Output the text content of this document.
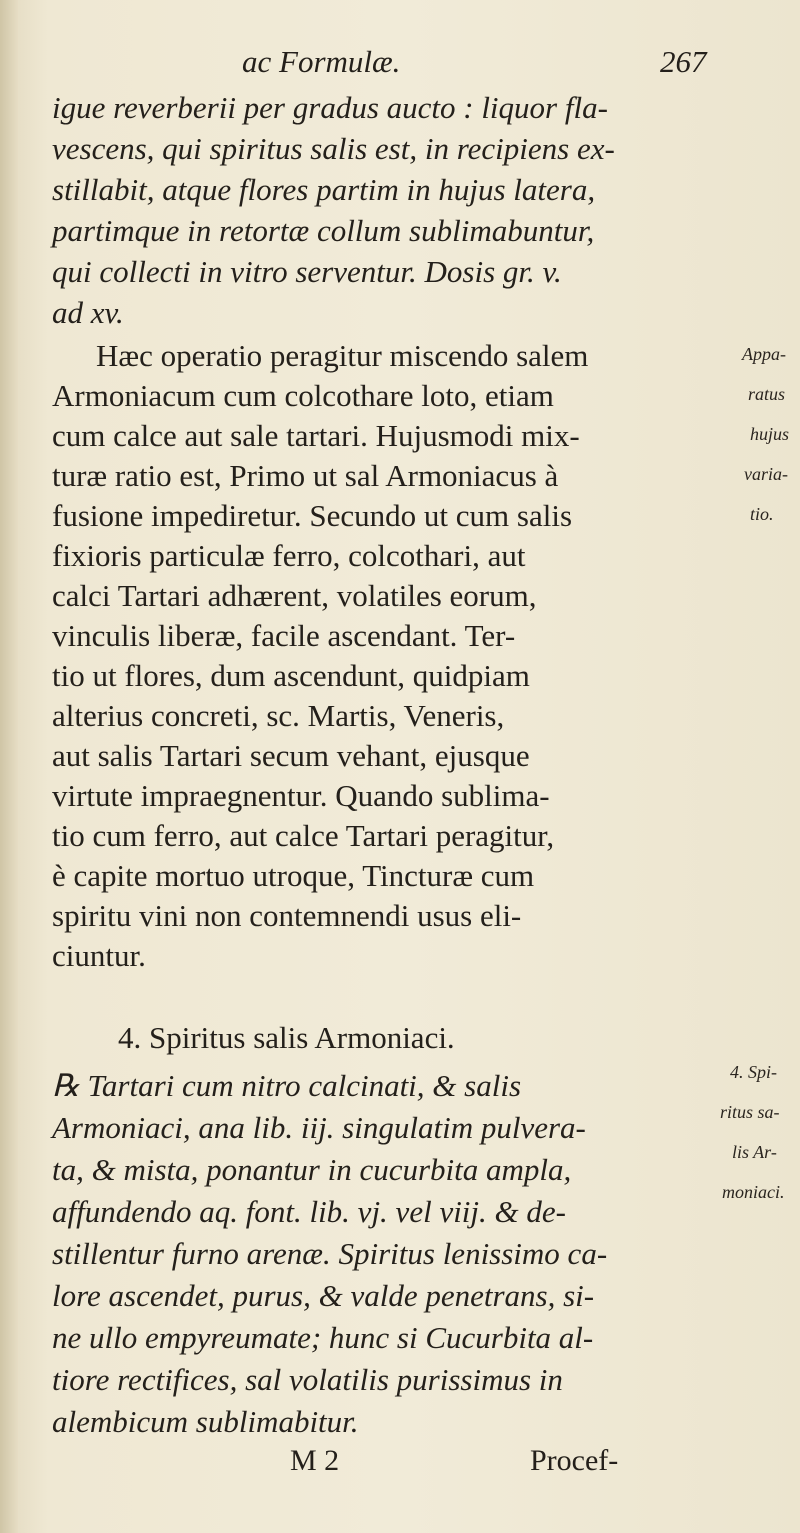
ac Formulæ.	267
igue reverberii per gradus aucto : liquor fla-
vescens, qui spiritus salis est, in recipiens ex-
stillabit, atque flores partim in hujus latera,
partimque in retortæ collum sublimabuntur,
qui collecti in vitro serventur. Dosis gr. v.
ad xv.
Hæc operatio peragitur miscendo salem
Armoniacum cum colcothare loto, etiam
cum calce aut sale tartari. Hujusmodi mix-
turæ ratio est, Primo ut sal Armoniacus à
fusione impediretur. Secundo ut cum salis
fixioris particulæ ferro, colcothari, aut
calci Tartari adhærent, volatiles eorum,
vinculis liberæ, facile ascendant. Ter-
tio ut flores, dum ascendunt, quidpiam
alterius concreti, sc. Martis, Veneris,
aut salis Tartari secum vehant, ejusque
virtute impraegnentur. Quando sublima-
tio cum ferro, aut calce Tartari peragitur,
è capite mortuo utroque, Tincturæ cum
spiritu vini non contemnendi usus eli-
ciuntur.
4. Spiritus salis Armoniaci.
℞ Tartari cum nitro calcinati, & salis
Armoniaci, ana lib. iij. singulatim pulvera-
ta, & mista, ponantur in cucurbita ampla,
affundendo aq. font. lib. vj. vel viij. & de-
stillentur furno arenæ. Spiritus lenissimo ca-
lore ascendet, purus, & valde penetrans, si-
ne ullo empyreumate; hunc si Cucurbita al-
tiore rectifices, sal volatilis purissimus in
alembicum sublimabitur.
Appa-
ratus
hujus
varia-
tio.
4. Spi-
ritus sa-
lis Ar-
moniaci.
M 2	Procef-
